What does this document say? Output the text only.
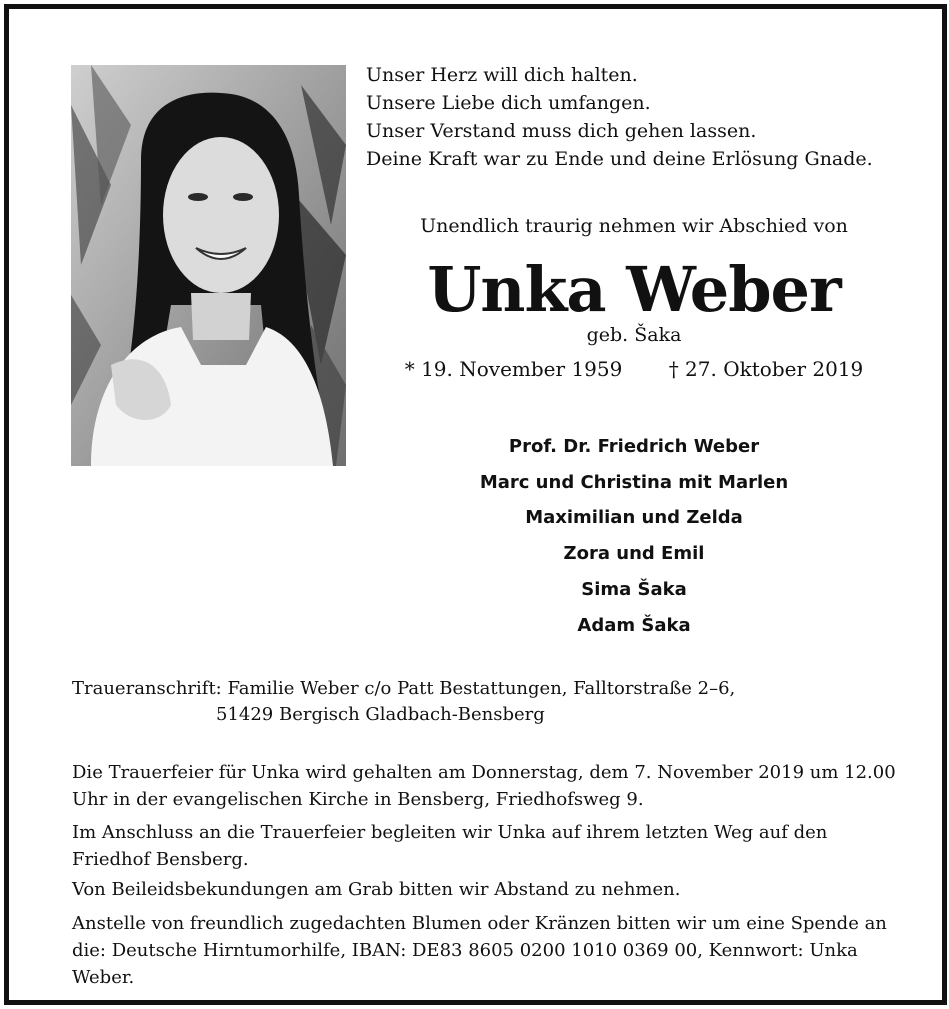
Unser Herz will dich halten.
Unsere Liebe dich umfangen.
Unser Verstand muss dich gehen lassen.
Deine Kraft war zu Ende und deine Erlösung Gnade.
Unendlich traurig nehmen wir Abschied von
Unka Weber
geb. Šaka
* 19. November 1959 † 27. Oktober 2019
Prof. Dr. Friedrich Weber
Marc und Christina mit Marlen
Maximilian und Zelda
Zora und Emil
Sima Šaka
Adam Šaka
Traueranschrift: Familie Weber c/o Patt Bestattungen, Falltorstraße 2–6,
51429 Bergisch Gladbach-Bensberg
Die Trauerfeier für Unka wird gehalten am Donnerstag, dem 7. November 2019 um 12.00 Uhr in der evangelischen Kirche in Bensberg, Friedhofsweg 9.
Im Anschluss an die Trauerfeier begleiten wir Unka auf ihrem letzten Weg auf den Friedhof Bensberg.
Von Beileidsbekundungen am Grab bitten wir Abstand zu nehmen.
Anstelle von freundlich zugedachten Blumen oder Kränzen bitten wir um eine Spende an die: Deutsche Hirntumorhilfe, IBAN: DE83 8605 0200 1010 0369 00, Kennwort: Unka Weber.
